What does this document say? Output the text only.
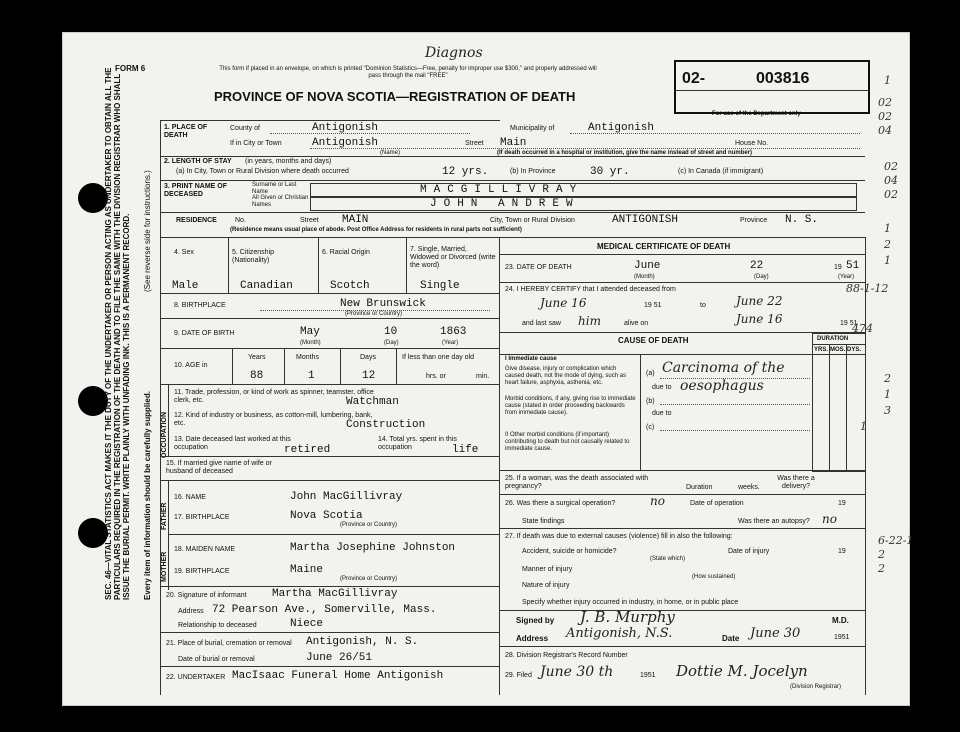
SEC. 46—VITAL STATISTICS ACT MAKES IT THE DUTY OF THE UNDERTAKER OR PERSON ACTING AS UNDERTAKER TO OBTAIN ALL THE PARTICULARS REQUIRED IN THE REGISTRATION OF THE DEATH AND TO FILE THE SAME WITH THE DIVISION REGISTRAR WHO SHALL ISSUE THE BURIAL PERMIT. WRITE PLAINLY WITH UNFADING INK. THIS IS A PERMANENT RECORD. Every item of information should be carefully supplied.
(See reverse side for instructions.)
OCCUPATION
FATHER
MOTHER
FORM 6	This form if placed in an envelope, on which is printed "Dominion Statistics—Free, penalty for improper use $300," and properly addressed will pass through the mail "FREE"
Diagnos
PROVINCE OF NOVA SCOTIA—REGISTRATION OF DEATH
02-	003816
For use of the Department only
1. PLACE OF DEATH
County of	Antigonish	Municipality of	Antigonish
If in City or Town	Antigonish
(Name)
Street Main	House No.
(If death occurred in a hospital or institution, give the name instead of street and number)
2. LENGTH OF STAY (in years, months and days)
(a) In City, Town or Rural Division where death occurred	12 yrs.	(b) In Province	30 yr.	(c) In Canada (if immigrant)
3. PRINT NAME OF DECEASED
Surname or Last Name
All Given or Christian Names
MACGILLIVRAY
JOHN ANDREW
RESIDENCE	No.	Street MAIN	City, Town or Rural Division	ANTIGONISH	Province N. S.
(Residence means usual place of abode. Post Office Address for residents in rural parts not sufficient)
4. Sex	5. Citizenship (Nationality)
6. Racial Origin	7. Single, Married, Widowed or Divorced (write the word)
Male	Canadian	Scotch	Single
8. BIRTHPLACE	New Brunswick
(Province or Country)
9. DATE OF BIRTH	May	10	1863
(Month)	(Day)	(Year)
10. AGE in
Years	Months	Days	If less than one day old
88	1	12	hrs. or	min.
11. Trade, profession, or kind of work as spinner, teamster, office clerk, etc.	Watchman
12. Kind of industry or business, as cotton-mill, lumbering, bank, etc.	Construction
13. Date deceased last worked at this occupation	retired
14. Total yrs. spent in this occupation	life
15. If married give name of wife or husband of deceased
16. NAME	John MacGillivray
17. BIRTHPLACE	Nova Scotia
(Province or Country)
18. MAIDEN NAME	Martha Josephine Johnston
19. BIRTHPLACE	Maine
(Province or Country)
20. Signature of informant Martha MacGillivray
Address 72 Pearson Ave., Somerville, Mass.
Relationship to deceased	Niece
21. Place of burial, cremation or removal Antigonish, N. S.
Date of burial or removal	June 26/51
22. UNDERTAKER MacIsaac Funeral Home Antigonish
MEDICAL CERTIFICATE OF DEATH
23. DATE OF DEATH	June	22	19 51
(Month)	(Day)	(Year)
24. I HEREBY CERTIFY that I attended deceased from
June 16	19 51	to	June 22
and last saw him	alive on	June 16	19 51
CAUSE OF DEATH	DURATION
YRS. MOS. DYS.
I Immediate cause
Give disease, injury or complication which caused death, not the mode of dying, such as heart failure, asphyxia, asthenia, etc.
Morbid conditions, if any, giving rise to immediate cause (stated in order proceeding backwards from immediate cause).
II Other morbid conditions (if important) contributing to death but not causally related to immediate cause.
(a) Carcinoma of the
due to oesophagus
(b)
due to
(c)
25. If a woman, was the death associated with pregnancy?	Duration	weeks.
Was there a delivery?
26. Was there a surgical operation?	no	Date of operation	19
State findings	Was there an autopsy? no
27. If death was due to external causes (violence) fill in also the following:
Accident, suicide or homicide?
(State which)
Date of injury	19
Manner of injury
(How sustained)
Nature of injury
Specify whether injury occurred in industry, in home, or in public place
Signed by J. B. Murphy	M.D.
Address Antigonish, N.S.	Date June 30	1951
28. Division Registrar's Record Number
29. Filed June 30 th	1951 Dottie M. Jocelyn
(Division Registrar)
1
02
02
04
02
04
02
1
2
1
88-1-12
474
2
1
3
1
6-22-1
2
2
